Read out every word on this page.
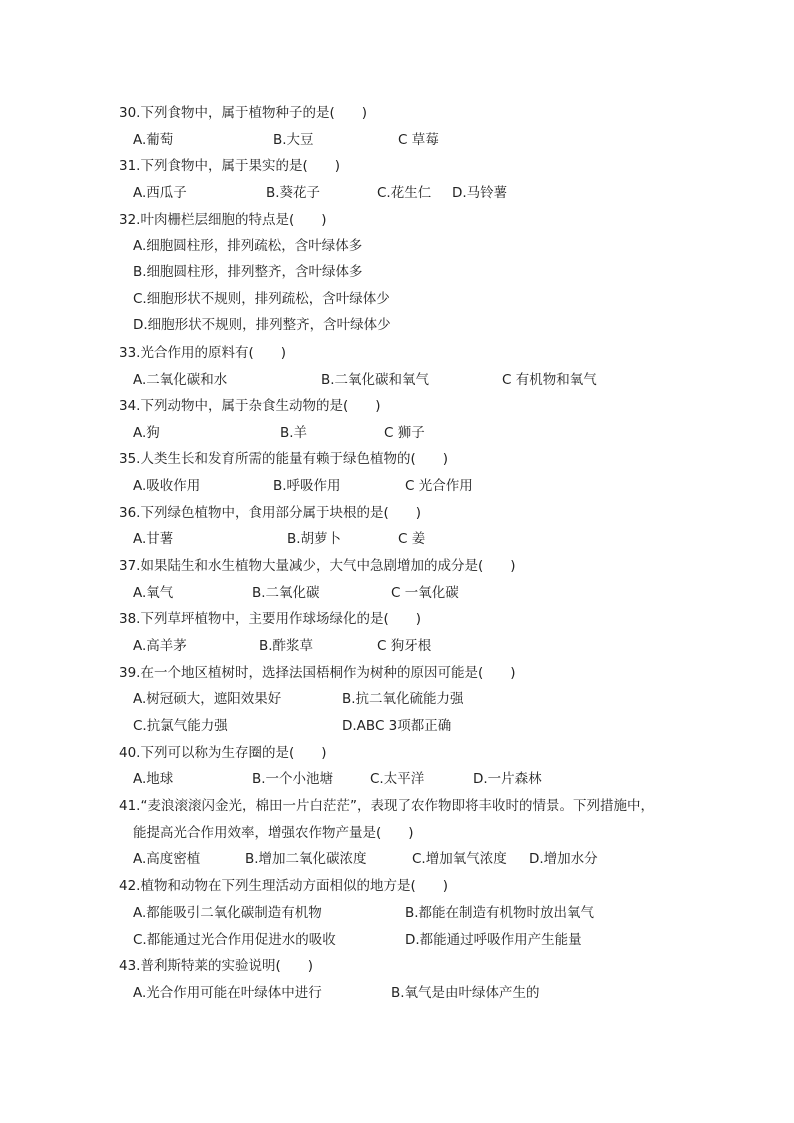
30.下列食物中，属于植物种子的是(　　)
A.葡萄	B.大豆	C 草莓
31.下列食物中，属于果实的是(　　)
A.西瓜子	B.葵花子	C.花生仁 D.马铃薯
32.叶肉栅栏层细胞的特点是(　　)
A.细胞圆柱形，排列疏松，含叶绿体多
B.细胞圆柱形，排列整齐，含叶绿体多
C.细胞形状不规则，排列疏松，含叶绿体少
D.细胞形状不规则，排列整齐，含叶绿体少
33.光合作用的原料有(　　)
A.二氧化碳和水	B.二氧化碳和氧气	C 有机物和氧气
34.下列动物中，属于杂食生动物的是(　　)
A.狗	B.羊	C 狮子
35.人类生长和发育所需的能量有赖于绿色植物的(　　)
A.吸收作用	B.呼吸作用	C 光合作用
36.下列绿色植物中，食用部分属于块根的是(　　)
A.甘薯	B.胡萝卜	C 姜
37.如果陆生和水生植物大量减少，大气中急剧增加的成分是(　　)
A.氧气	B.二氧化碳	C 一氧化碳
38.下列草坪植物中，主要用作球场绿化的是(　　)
A.高羊茅	B.酢浆草	C 狗牙根
39.在一个地区植树时，选择法国梧桐作为树种的原因可能是(　　)
A.树冠硕大，遮阳效果好	B.抗二氧化硫能力强
C.抗氯气能力强	D.ABC 3项都正确
40.下列可以称为生存圈的是(　　)
A.地球	B.一个小池塘	C.太平洋	D.一片森林
41.“麦浪滚滚闪金光，棉田一片白茫茫”，表现了农作物即将丰收时的情景。下列措施中，
能提高光合作用效率，增强农作物产量是(　　)
A.高度密植	B.增加二氧化碳浓度	C.增加氧气浓度 D.增加水分
42.植物和动物在下列生理活动方面相似的地方是(　　)
A.都能吸引二氧化碳制造有机物	B.都能在制造有机物时放出氧气
C.都能通过光合作用促进水的吸收	D.都能通过呼吸作用产生能量
43.普利斯特莱的实验说明(　　)
A.光合作用可能在叶绿体中进行	B.氧气是由叶绿体产生的
